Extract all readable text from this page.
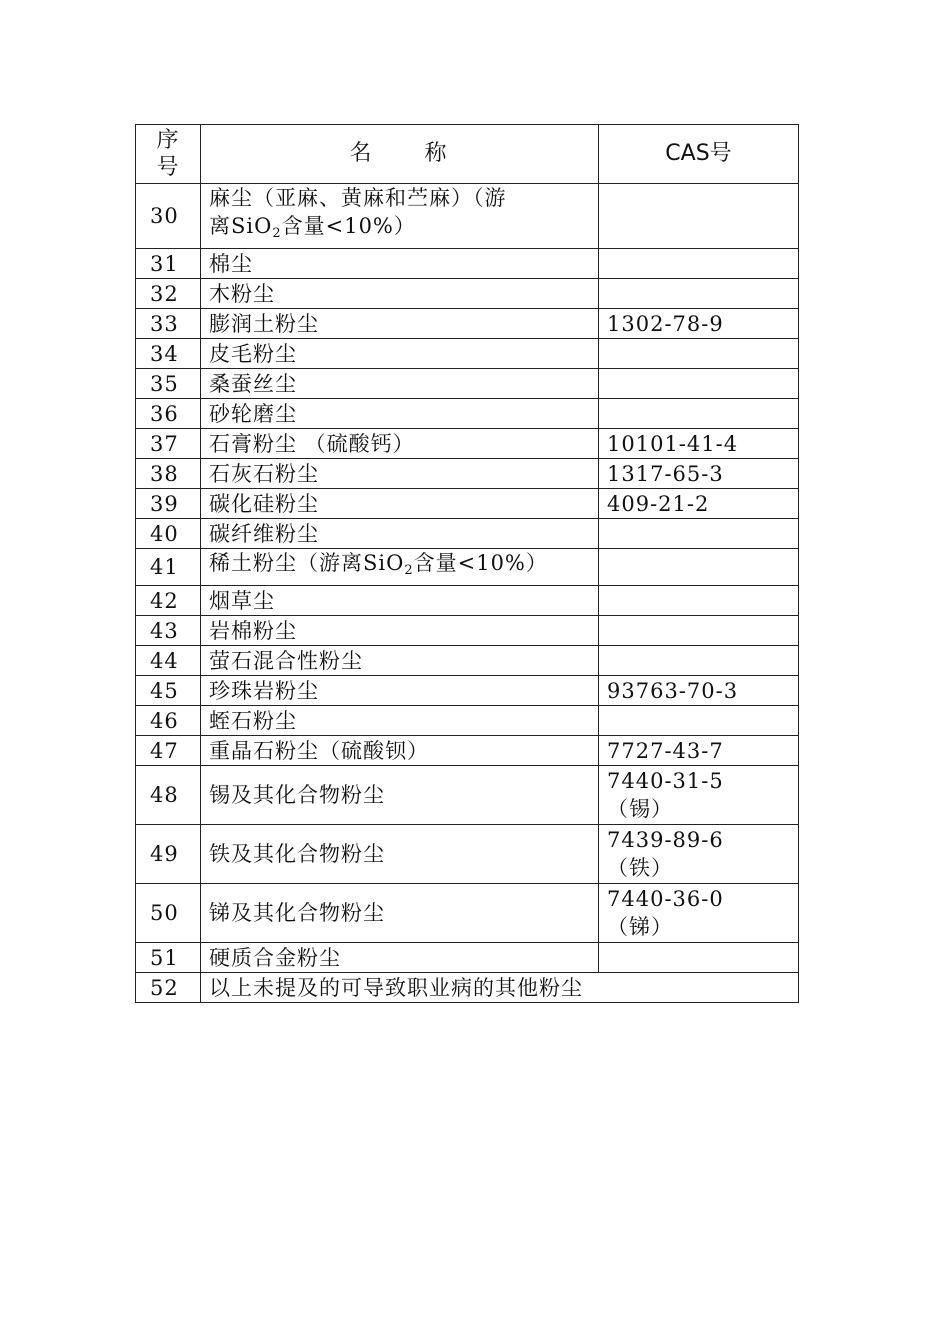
序
号	名　　称	CAS号
30	麻尘（亚麻、黄麻和苎麻）（游
离SiO$_2$含量<10%）	

31	棉尘	
32	木粉尘	
33	膨润土粉尘	1302-78-9
34	皮毛粉尘	
35	桑蚕丝尘	
36	砂轮磨尘	
37	石膏粉尘 （硫酸钙）	10101-41-4
38	石灰石粉尘	1317-65-3
39	碳化硅粉尘	409-21-2
40	碳纤维粉尘	
41	稀土粉尘（游离SiO$_2$含量<10%）	
42	烟草尘	
43	岩棉粉尘	
44	萤石混合性粉尘	
45	珍珠岩粉尘	93763-70-3
46	蛭石粉尘	
47	重晶石粉尘（硫酸钡）	7727-43-7
48	锡及其化合物粉尘	7440-31-5
（锡）

49	铁及其化合物粉尘	7439-89-6
（铁）

50	锑及其化合物粉尘	7440-36-0
（锑）

51	硬质合金粉尘	
52	以上未提及的可导致职业病的其他粉尘	
